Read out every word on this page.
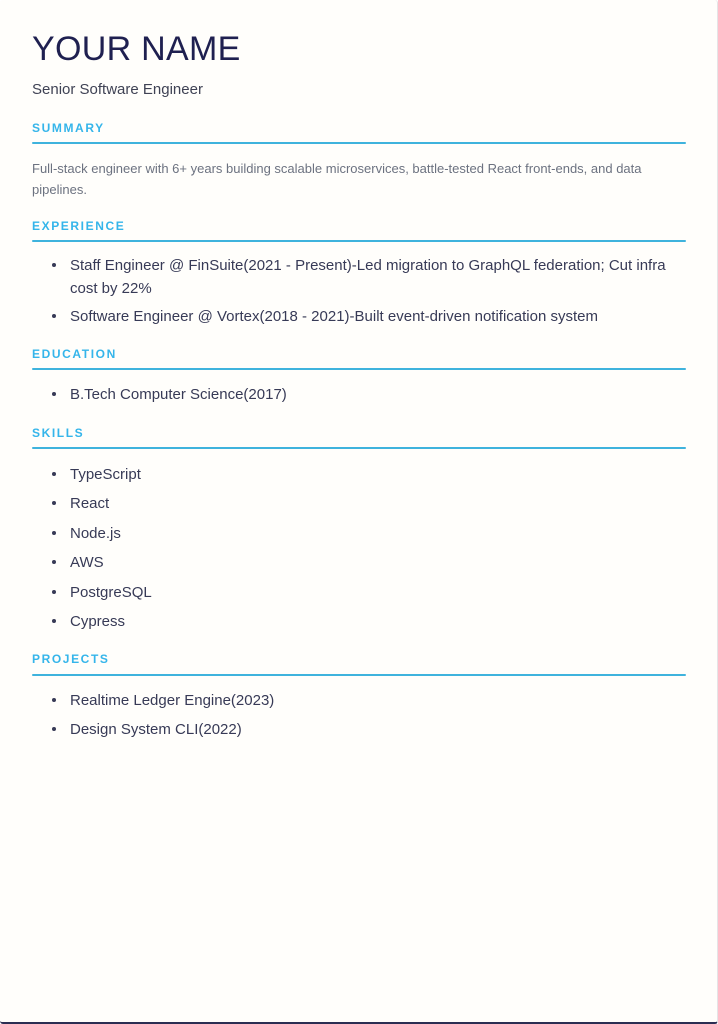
YOUR NAME

Senior Software Engineer

SUMMARY

Full-stack engineer with 6+ years building scalable microservices, battle-tested React front-ends, and data pipelines.

EXPERIENCE
Staff Engineer @ FinSuite(2021 - Present)-Led migration to GraphQL federation; Cut infra cost by 22%
Software Engineer @ Vortex(2018 - 2021)-Built event-driven notification system
EDUCATION
B.Tech Computer Science(2017)
SKILLS
TypeScript
React
Node.js
AWS
PostgreSQL
Cypress
PROJECTS
Realtime Ledger Engine(2023)
Design System CLI(2022)
